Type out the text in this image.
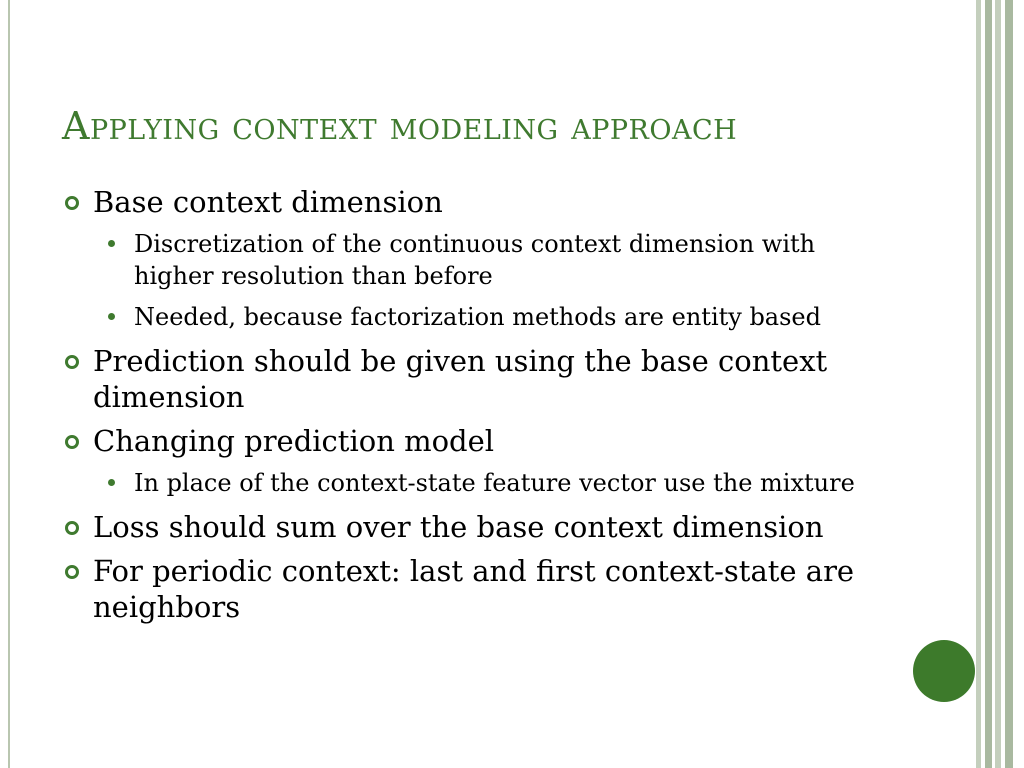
Applying context modeling approach
Base context dimension
Discretization of the continuous context dimension with higher resolution than before
Needed, because factorization methods are entity based
Prediction should be given using the base context dimension
Changing prediction model
In place of the context-state feature vector use the mixture
Loss should sum over the base context dimension
For periodic context: last and first context-state are neighbors
